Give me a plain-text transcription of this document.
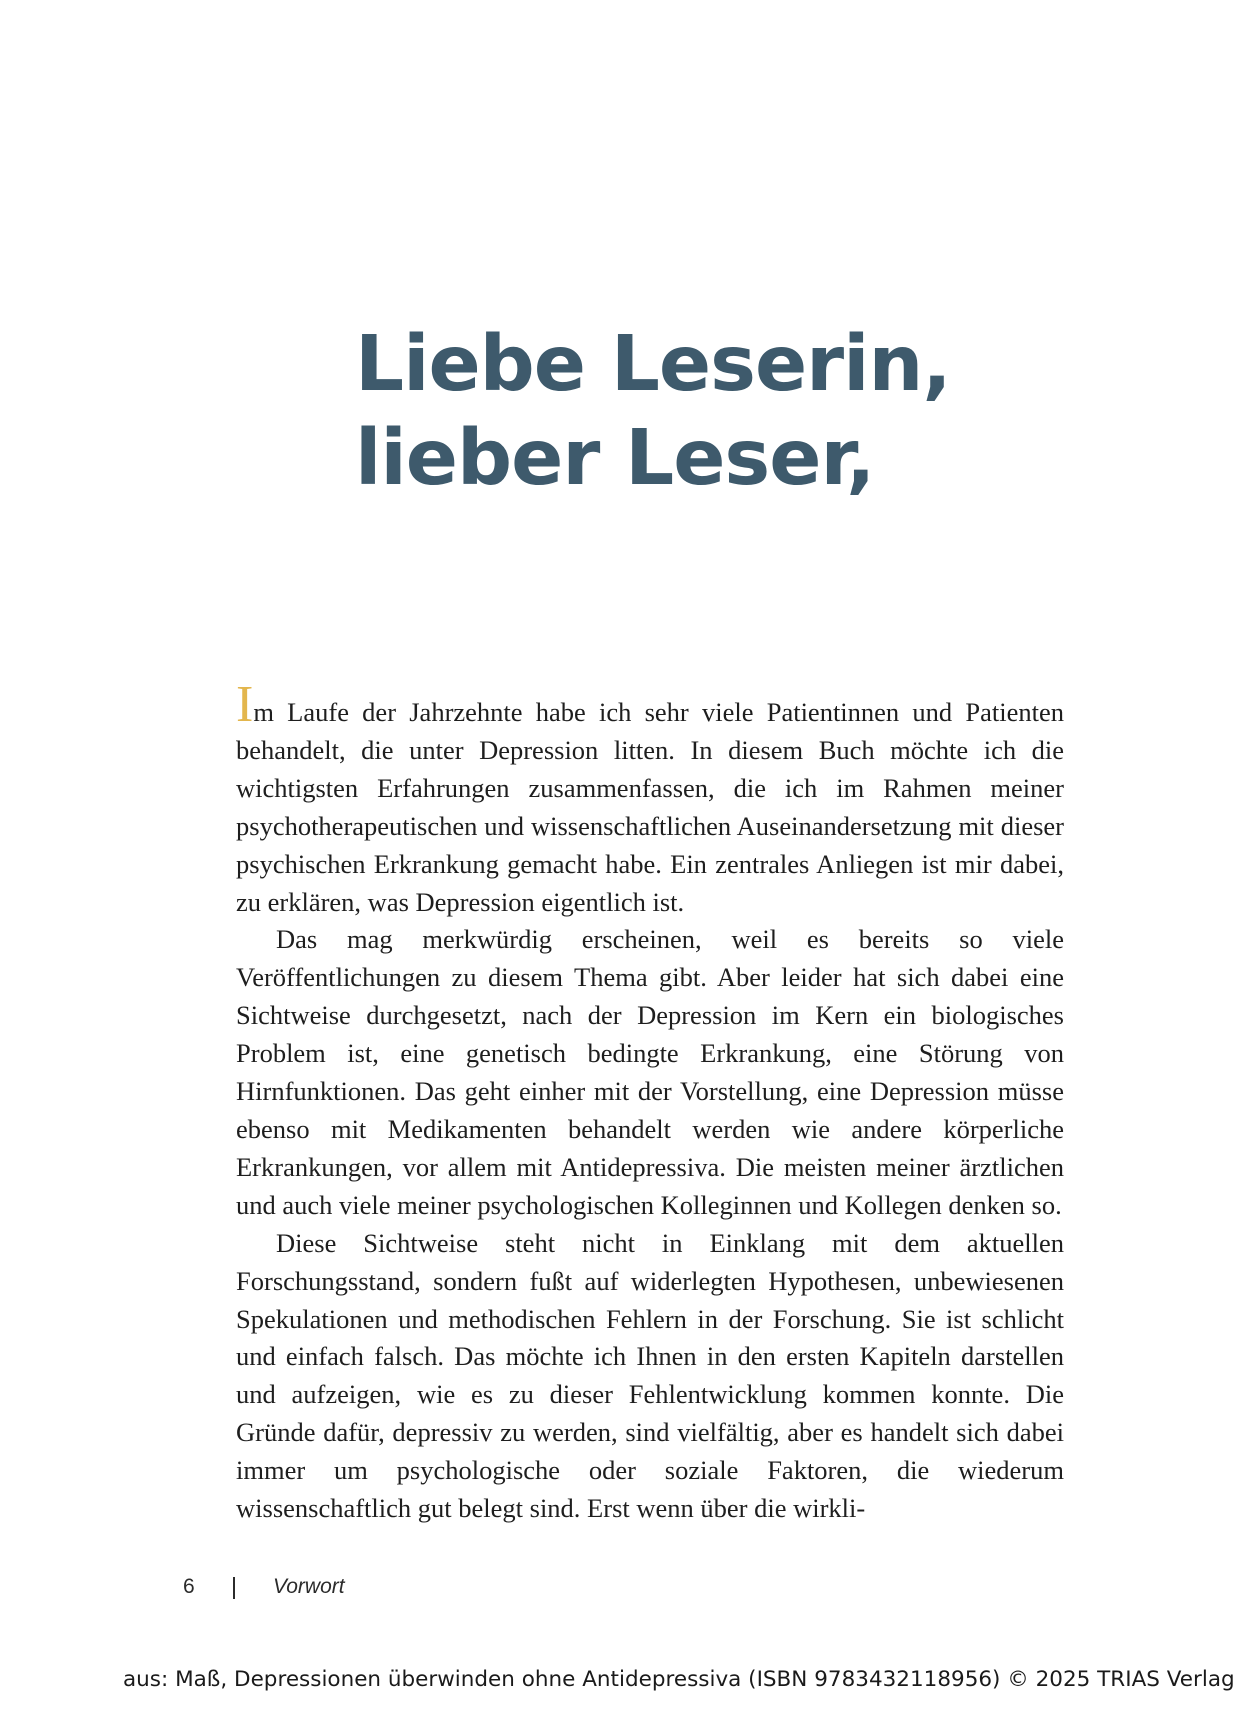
Liebe Leserin,
lieber Leser,

Im Laufe der Jahrzehnte habe ich sehr viele Patientinnen und Patienten behandelt, die unter Depression litten. In diesem Buch möchte ich die wichtigsten Erfahrungen zusammenfassen, die ich im Rahmen meiner psychotherapeutischen und wissenschaftlichen Auseinandersetzung mit dieser psychischen Erkrankung gemacht habe. Ein zentrales Anliegen ist mir dabei, zu erklären, was Depression eigentlich ist.

Das mag merkwürdig erscheinen, weil es bereits so viele Veröffentlichungen zu diesem Thema gibt. Aber leider hat sich dabei eine Sichtweise durchgesetzt, nach der Depression im Kern ein biologisches Problem ist, eine genetisch bedingte Erkrankung, eine Störung von Hirnfunktionen. Das geht einher mit der Vorstellung, eine Depression müsse ebenso mit Medikamenten behandelt werden wie andere körperliche Erkrankungen, vor allem mit Antidepressiva. Die meisten meiner ärztlichen und auch viele meiner psychologischen Kolleginnen und Kollegen denken so.

Diese Sichtweise steht nicht in Einklang mit dem aktuellen Forschungsstand, sondern fußt auf widerlegten Hypothesen, unbewiesenen Spekulationen und methodischen Fehlern in der Forschung. Sie ist schlicht und einfach falsch. Das möchte ich Ihnen in den ersten Kapiteln darstellen und aufzeigen, wie es zu dieser Fehlentwicklung kommen konnte. Die Gründe dafür, depressiv zu werden, sind vielfältig, aber es handelt sich dabei immer um psychologische oder soziale Faktoren, die wiederum wissenschaftlich gut belegt sind. Erst wenn über die wirkli-

6	Vorwort
aus: Maß, Depressionen überwinden ohne Antidepressiva (ISBN 9783432118956) © 2025 TRIAS Verlag
